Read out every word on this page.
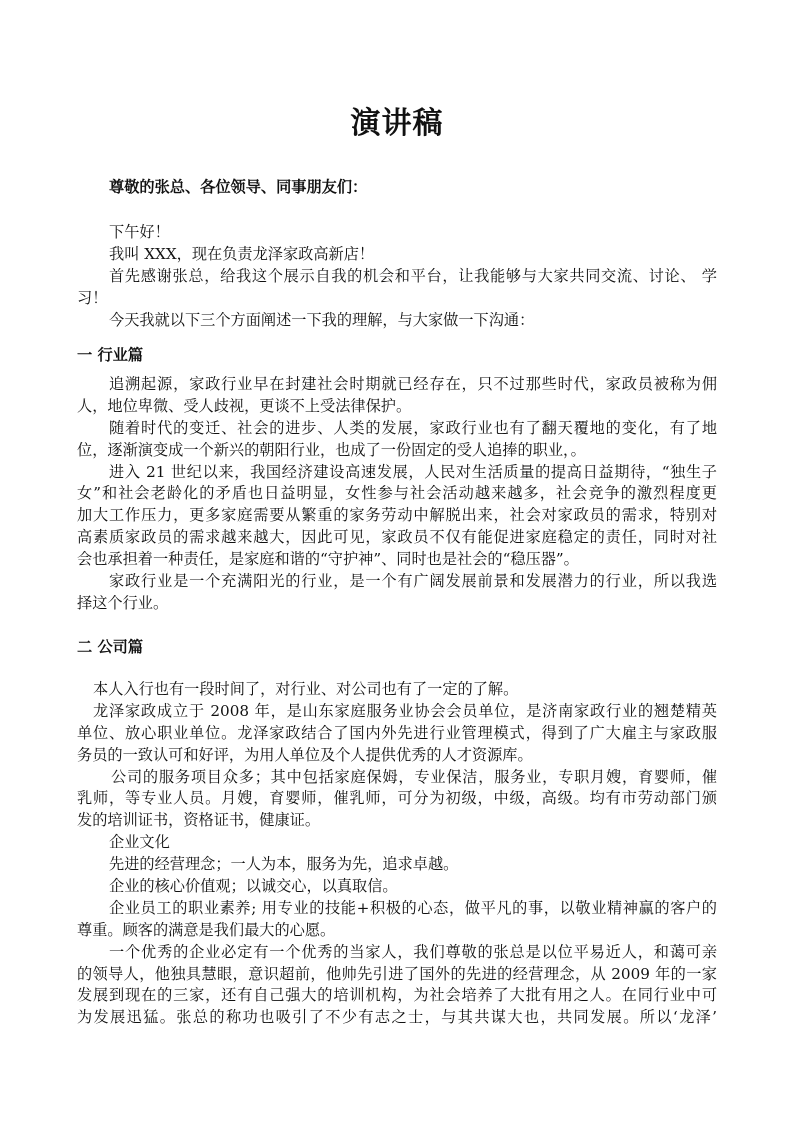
演讲稿
尊敬的张总、各位领导、同事朋友们：
下午好！
我叫 XXX，现在负责龙泽家政高新店！
首先感谢张总，给我这个展示自我的机会和平台，让我能够与大家共同交流、讨论、 学
习！
今天我就以下三个方面阐述一下我的理解，与大家做一下沟通：
一 行业篇
追溯起源，家政行业早在封建社会时期就已经存在，只不过那些时代，家政员被称为佣
人，地位卑微、受人歧视，更谈不上受法律保护。
随着时代的变迁、社会的进步、人类的发展，家政行业也有了翻天覆地的变化，有了地
位，逐渐演变成一个新兴的朝阳行业，也成了一份固定的受人追捧的职业，。
进入 21 世纪以来，我国经济建设高速发展，人民对生活质量的提高日益期待，“独生子
女”和社会老龄化的矛盾也日益明显，女性参与社会活动越来越多，社会竞争的激烈程度更
加大工作压力，更多家庭需要从繁重的家务劳动中解脱出来，社会对家政员的需求，特别对
高素质家政员的需求越来越大，因此可见，家政员不仅有能促进家庭稳定的责任，同时对社
会也承担着一种责任，是家庭和谐的“守护神”、同时也是社会的“稳压器”。
家政行业是一个充满阳光的行业，是一个有广阔发展前景和发展潜力的行业，所以我选
择这个行业。
二 公司篇
本人入行也有一段时间了，对行业、对公司也有了一定的了解。
龙泽家政成立于 2008 年，是山东家庭服务业协会会员单位，是济南家政行业的翘楚精英
单位、放心职业单位。龙泽家政结合了国内外先进行业管理模式，得到了广大雇主与家政服
务员的一致认可和好评，为用人单位及个人提供优秀的人才资源库。
公司的服务项目众多；其中包括家庭保姆，专业保洁，服务业，专职月嫂，育婴师，催
乳师，等专业人员。月嫂，育婴师，催乳师，可分为初级，中级，高级。均有市劳动部门颁
发的培训证书，资格证书，健康证。
企业文化
先进的经营理念；一人为本，服务为先，追求卓越。
企业的核心价值观；以诚交心，以真取信。
企业员工的职业素养; 用专业的技能+积极的心态，做平凡的事，以敬业精神赢的客户的
尊重。顾客的满意是我们最大的心愿。
一个优秀的企业必定有一个优秀的当家人，我们尊敬的张总是以位平易近人，和蔼可亲
的领导人，他独具慧眼，意识超前，他帅先引进了国外的先进的经营理念，从 2009 年的一家
发展到现在的三家，还有自己强大的培训机构，为社会培养了大批有用之人。在同行业中可
为发展迅猛。张总的称功也吸引了不少有志之士，与其共谋大也，共同发展。所以‘龙泽’
